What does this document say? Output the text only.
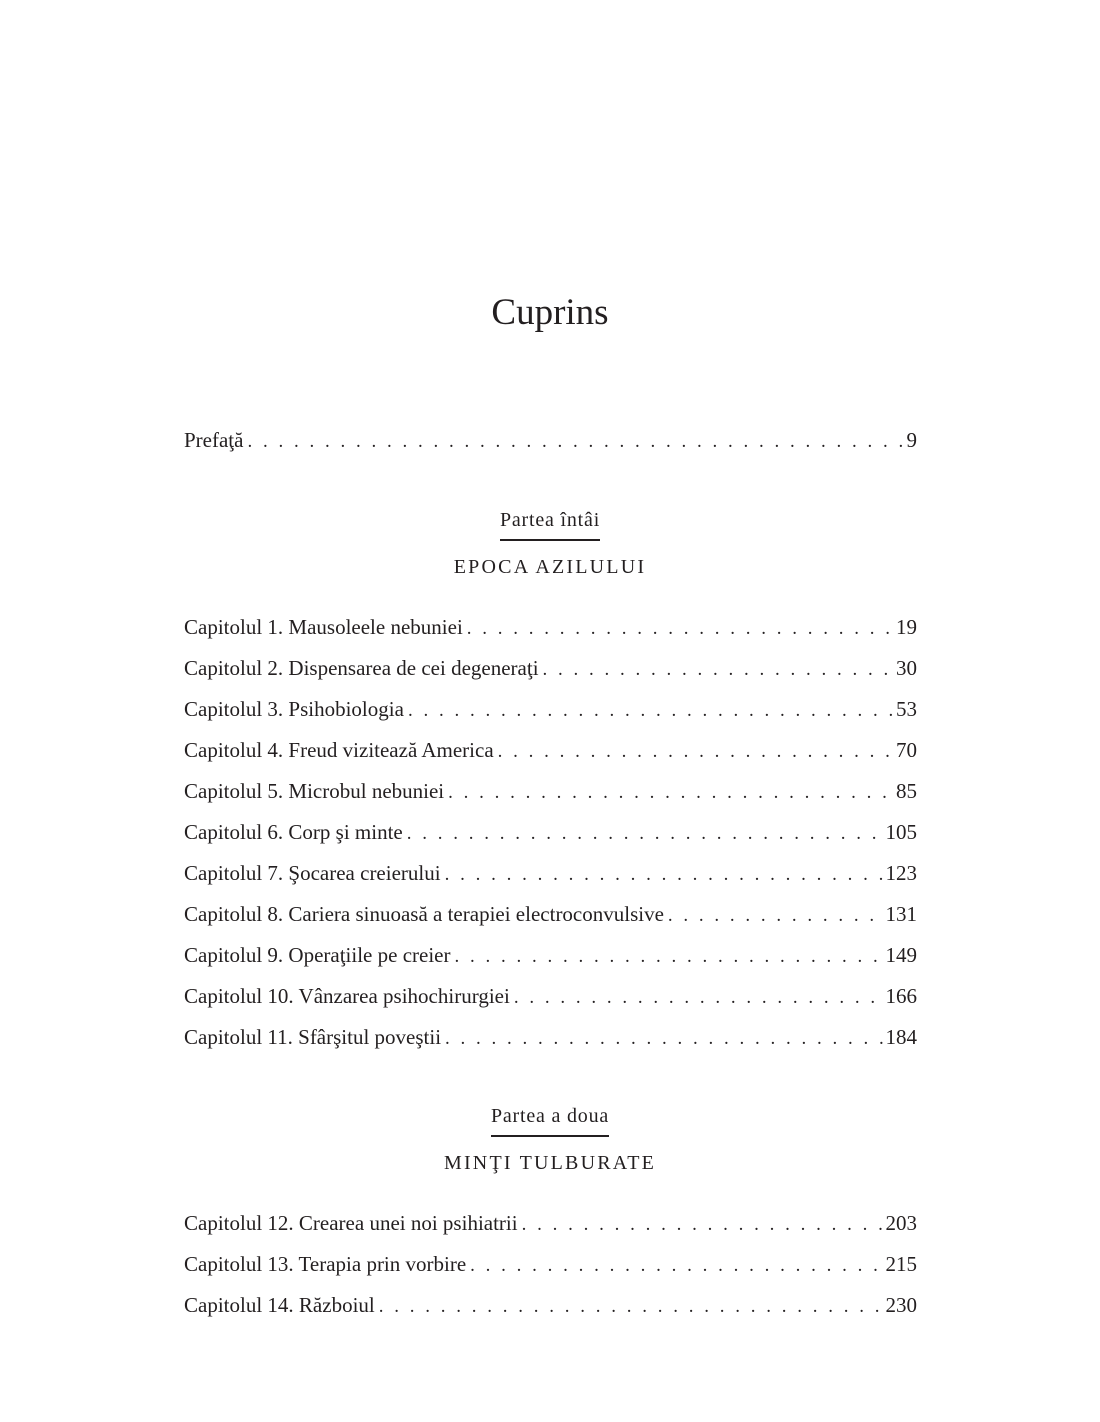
Cuprins
Prefaţă . . .	9
Partea întâi
EPOCA AZILULUI
Capitolul 1. Mausoleele nebuniei . . .	19
Capitolul 2. Dispensarea de cei degeneraţi . . .	30
Capitolul 3. Psihobiologia . . .	53
Capitolul 4. Freud vizitează America . . .	70
Capitolul 5. Microbul nebuniei . . .	85
Capitolul 6. Corp şi minte . . .	105
Capitolul 7. Şocarea creierului . . .	123
Capitolul 8. Cariera sinuoasă a terapiei electroconvulsive . . .	131
Capitolul 9. Operaţiile pe creier . . .	149
Capitolul 10. Vânzarea psihochirurgiei . . .	166
Capitolul 11. Sfârşitul poveştii . . .	184
Partea a doua
MINŢI TULBURATE
Capitolul 12. Crearea unei noi psihiatrii . . .	203
Capitolul 13. Terapia prin vorbire . . .	215
Capitolul 14. Războiul . . .	230
